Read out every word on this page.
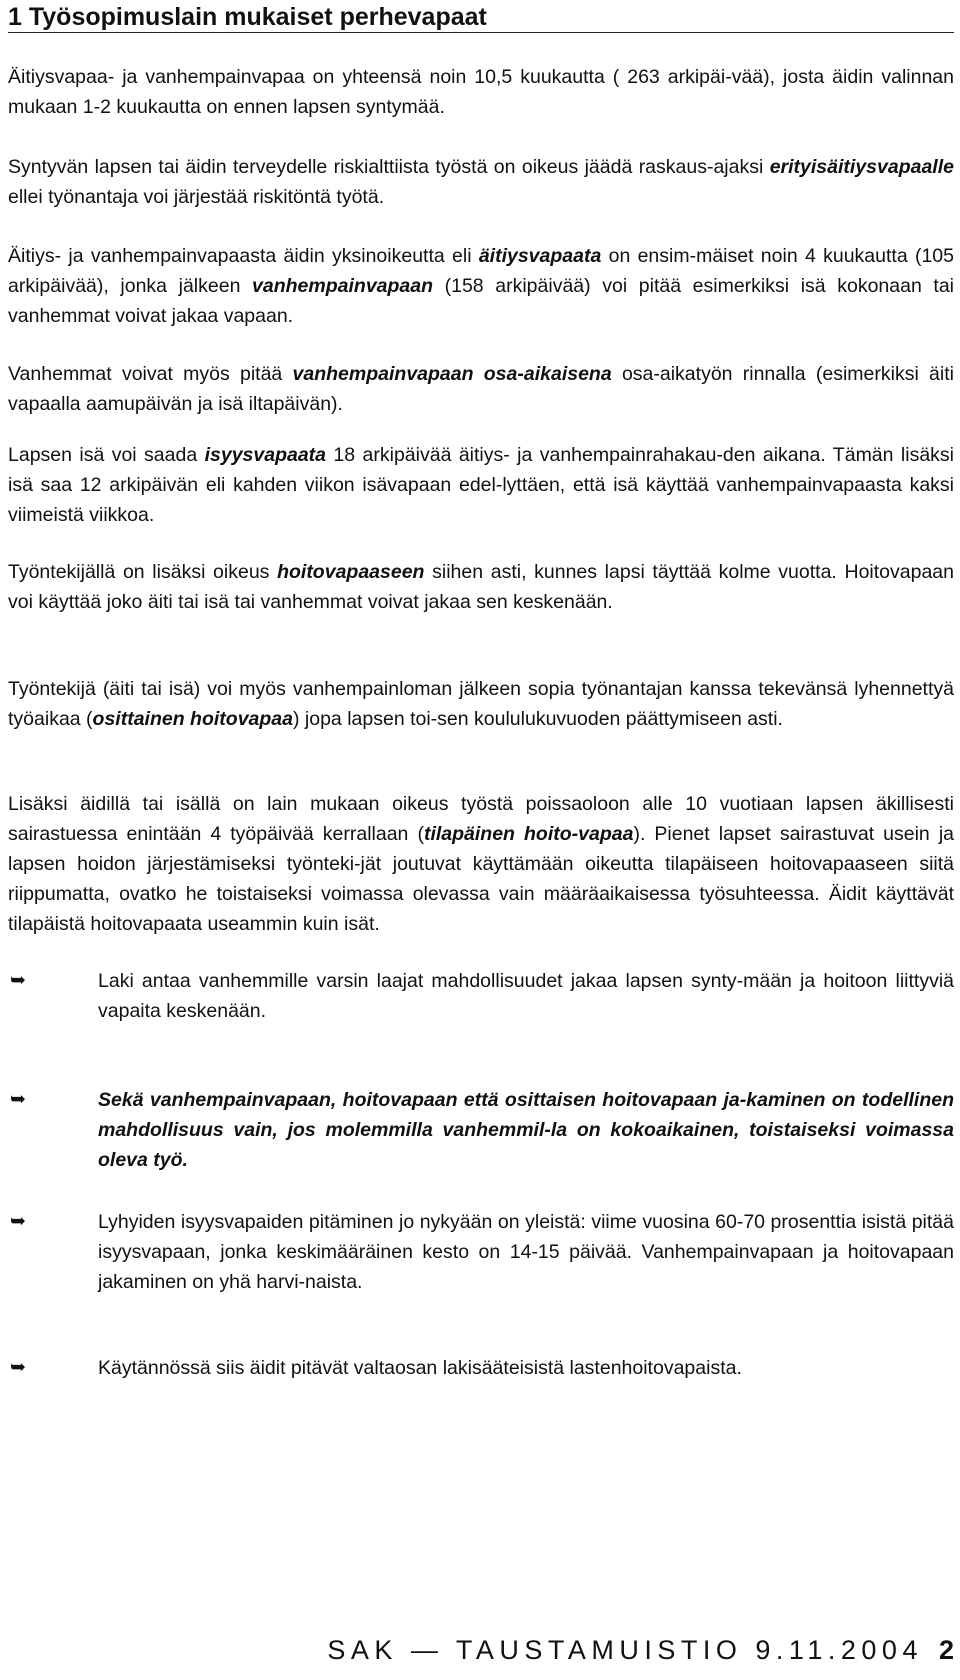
1 Työsopimuslain mukaiset perhevapaat

Äitiysvapaa- ja vanhempainvapaa on yhteensä noin 10,5 kuukautta ( 263 arkipäi-vää), josta äidin valinnan mukaan 1-2 kuukautta on ennen lapsen syntymää.

Syntyvän lapsen tai äidin terveydelle riskialttiista työstä on oikeus jäädä raskaus-ajaksi erityisäitiysvapaalle ellei työnantaja voi järjestää riskitöntä työtä.

Äitiys- ja vanhempainvapaasta äidin yksinoikeutta eli äitiysvapaata on ensim-mäiset noin 4 kuukautta (105 arkipäivää), jonka jälkeen vanhempainvapaan (158 arkipäivää) voi pitää esimerkiksi isä kokonaan tai vanhemmat voivat jakaa vapaan.

Vanhemmat voivat myös pitää vanhempainvapaan osa-aikaisena osa-aikatyön rinnalla (esimerkiksi äiti vapaalla aamupäivän ja isä iltapäivän).

Lapsen isä voi saada isyysvapaata 18 arkipäivää äitiys- ja vanhempainrahakau-den aikana. Tämän lisäksi isä saa 12 arkipäivän eli kahden viikon isävapaan edel-lyttäen, että isä käyttää vanhempainvapaasta kaksi viimeistä viikkoa.

Työntekijällä on lisäksi oikeus hoitovapaaseen siihen asti, kunnes lapsi täyttää kolme vuotta. Hoitovapaan voi käyttää joko äiti tai isä tai vanhemmat voivat jakaa sen keskenään.

Työntekijä (äiti tai isä) voi myös vanhempainloman jälkeen sopia työnantajan kanssa tekevänsä lyhennettyä työaikaa (osittainen hoitovapaa) jopa lapsen toi-sen koululukuvuoden päättymiseen asti.

Lisäksi äidillä tai isällä on lain mukaan oikeus työstä poissaoloon alle 10 vuotiaan lapsen äkillisesti sairastuessa enintään 4 työpäivää kerrallaan (tilapäinen hoito-vapaa). Pienet lapset sairastuvat usein ja lapsen hoidon järjestämiseksi työnteki-jät joutuvat käyttämään oikeutta tilapäiseen hoitovapaaseen siitä riippumatta, ovatko he toistaiseksi voimassa olevassa vain määräaikaisessa työsuhteessa. Äidit käyttävät tilapäistä hoitovapaata useammin kuin isät.

➥	Laki antaa vanhemmille varsin laajat mahdollisuudet jakaa lapsen synty-mään ja hoitoon liittyviä vapaita keskenään.
➥	Sekä vanhempainvapaan, hoitovapaan että osittaisen hoitovapaan ja-kaminen on todellinen mahdollisuus vain, jos molemmilla vanhemmil-la on kokoaikainen, toistaiseksi voimassa oleva työ.
➥	Lyhyiden isyysvapaiden pitäminen jo nykyään on yleistä: viime vuosina 60-70 prosenttia isistä pitää isyysvapaan, jonka keskimääräinen kesto on 14-15 päivää. Vanhempainvapaan ja hoitovapaan jakaminen on yhä harvi-naista.
➥	Käytännössä siis äidit pitävät valtaosan lakisääteisistä lastenhoitovapaista.
SAK — TAUSTAMUISTIO 9.11.2004 2
